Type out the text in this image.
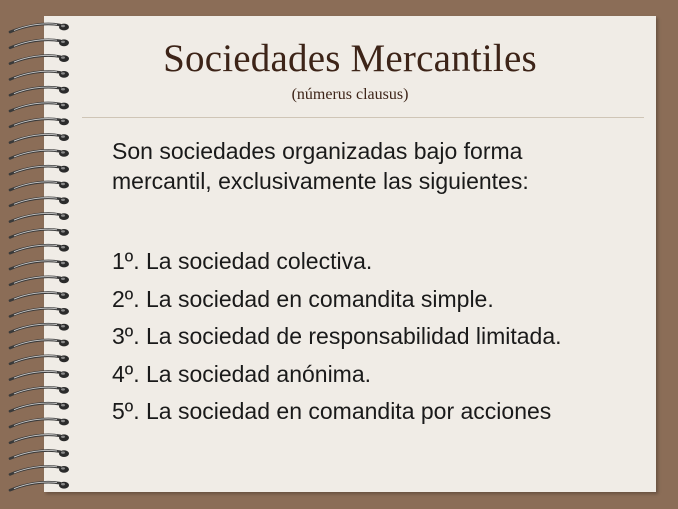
Sociedades Mercantiles
(númerus clausus)

Son sociedades organizadas bajo forma
mercantil, exclusivamente las siguientes:

1º. La sociedad colectiva.
2º. La sociedad en comandita simple.
3º. La sociedad de responsabilidad limitada.
4º. La sociedad anónima.
5º. La sociedad en comandita por acciones
